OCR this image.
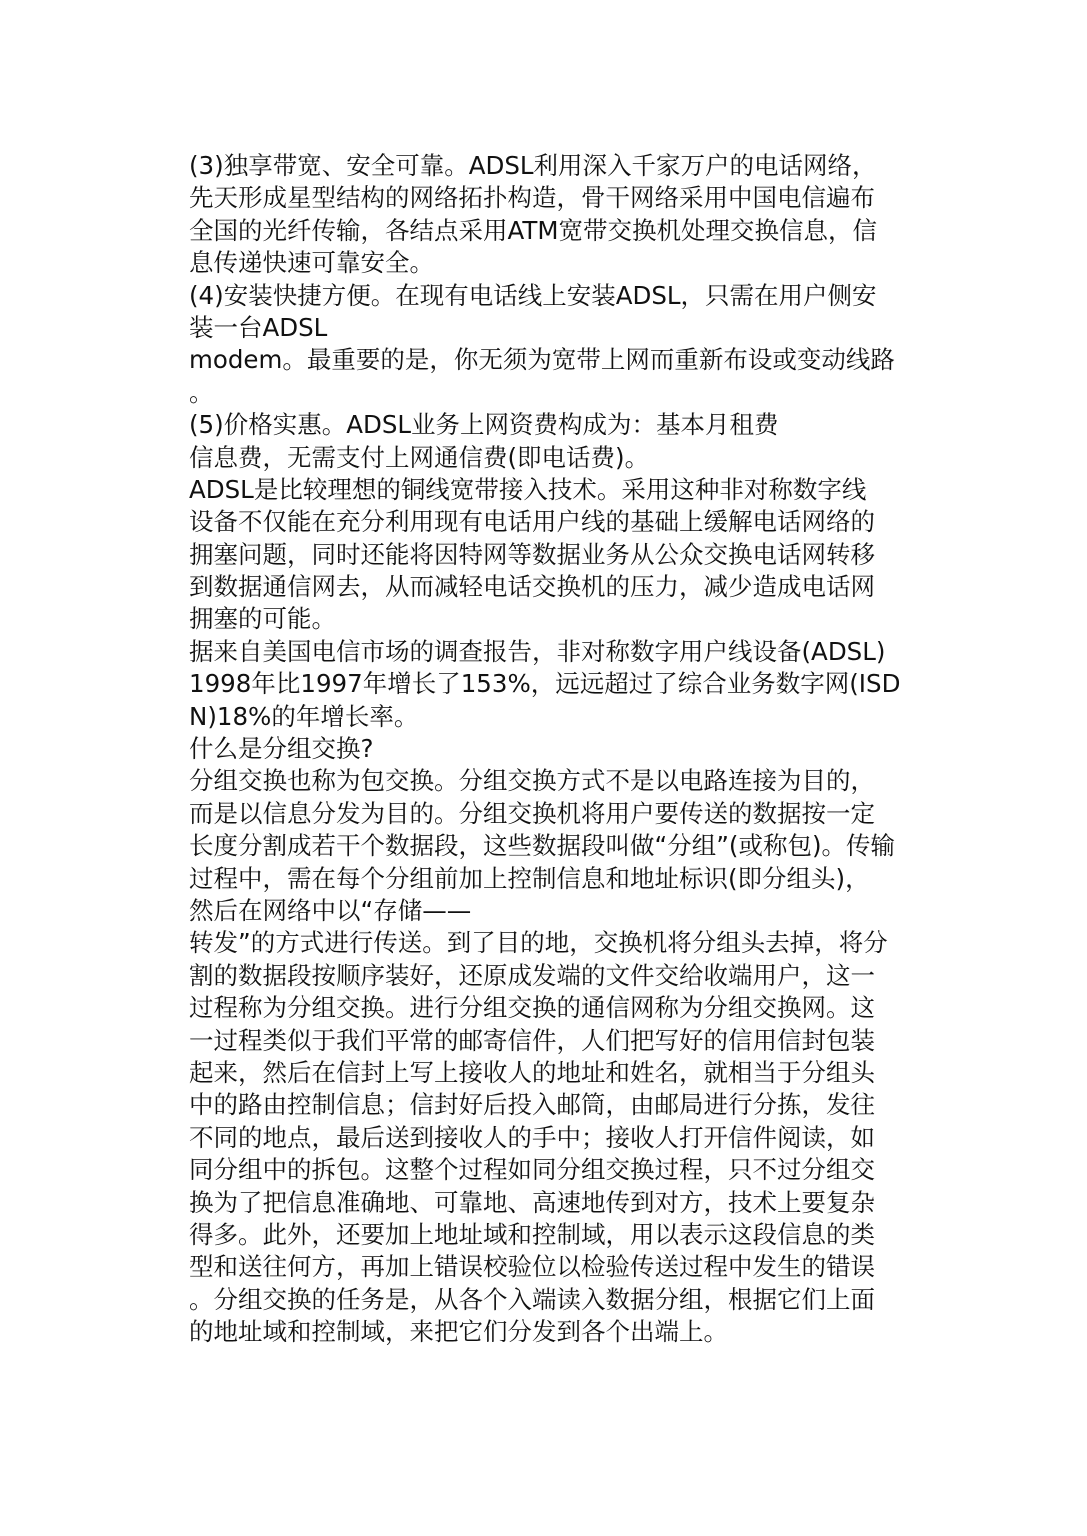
(3)独享带宽、安全可靠。ADSL利用深入千家万户的电话网络，
先天形成星型结构的网络拓扑构造，骨干网络采用中国电信遍布
全国的光纤传输，各结点采用ATM宽带交换机处理交换信息，信
息传递快速可靠安全。
(4)安装快捷方便。在现有电话线上安装ADSL，只需在用户侧安
装一台ADSL
modem。最重要的是，你无须为宽带上网而重新布设或变动线路
。
(5)价格实惠。ADSL业务上网资费构成为：基本月租费
信息费，无需支付上网通信费(即电话费)。
ADSL是比较理想的铜线宽带接入技术。采用这种非对称数字线
设备不仅能在充分利用现有电话用户线的基础上缓解电话网络的
拥塞问题，同时还能将因特网等数据业务从公众交换电话网转移
到数据通信网去，从而减轻电话交换机的压力，减少造成电话网
拥塞的可能。
据来自美国电信市场的调查报告，非对称数字用户线设备(ADSL)
1998年比1997年增长了153%，远远超过了综合业务数字网(ISD
N)18%的年增长率。
什么是分组交换?
分组交换也称为包交换。分组交换方式不是以电路连接为目的，
而是以信息分发为目的。分组交换机将用户要传送的数据按一定
长度分割成若干个数据段，这些数据段叫做“分组”(或称包)。传输
过程中，需在每个分组前加上控制信息和地址标识(即分组头)，
然后在网络中以“存储——
转发”的方式进行传送。到了目的地，交换机将分组头去掉，将分
割的数据段按顺序装好，还原成发端的文件交给收端用户，这一
过程称为分组交换。进行分组交换的通信网称为分组交换网。这
一过程类似于我们平常的邮寄信件，人们把写好的信用信封包装
起来，然后在信封上写上接收人的地址和姓名，就相当于分组头
中的路由控制信息；信封好后投入邮筒，由邮局进行分拣，发往
不同的地点，最后送到接收人的手中；接收人打开信件阅读，如
同分组中的拆包。这整个过程如同分组交换过程，只不过分组交
换为了把信息准确地、可靠地、高速地传到对方，技术上要复杂
得多。此外，还要加上地址域和控制域，用以表示这段信息的类
型和送往何方，再加上错误校验位以检验传送过程中发生的错误
。分组交换的任务是，从各个入端读入数据分组，根据它们上面
的地址域和控制域，来把它们分发到各个出端上。
